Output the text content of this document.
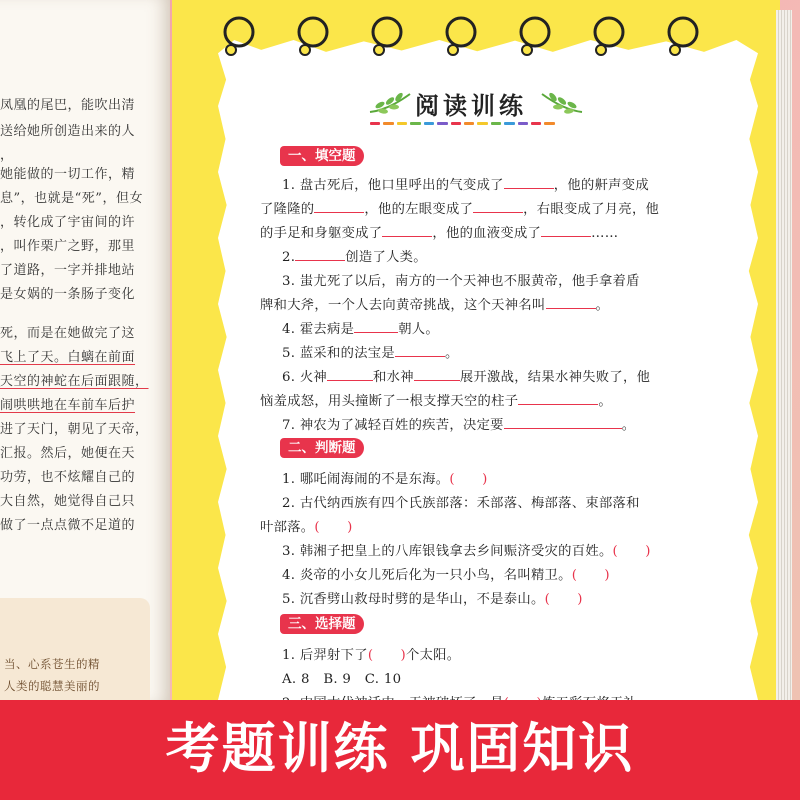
凤凰的尾巴，能吹出清
送给她所创造出来的人
，
她能做的一切工作，精
息”，也就是“死”，但女
，转化成了宇宙间的许
，叫作栗广之野，那里
了道路，一字并排地站
是女娲的一条肠子变化
死，而是在她做完了这
飞上了天。白螭在前面
天空的神蛇在后面跟随，
闹哄哄地在车前车后护
进了天门，朝见了天帝，
汇报。然后，她便在天
功劳，也不炫耀自己的
大自然，她觉得自己只
做了一点点微不足道的
当、心系苍生的精
人类的聪慧美丽的
阅读训练
一、填空题
1. 盘古死后，他口里呼出的气变成了	，他的鼾声变成
了隆隆的	，他的左眼变成了	，右眼变成了月亮，他
的手足和身躯变成了	，他的血液变成了	……
2.	创造了人类。
3. 蚩尤死了以后，南方的一个天神也不服黄帝，他手拿着盾
牌和大斧，一个人去向黄帝挑战，这个天神名叫	。
4. 霍去病是	朝人。
5. 蓝采和的法宝是	。
6. 火神	和水神	展开激战，结果水神失败了，他
恼羞成怒，用头撞断了一根支撑天空的柱子	。
7. 神农为了减轻百姓的疾苦，决定要	。
二、判断题
1. 哪吒闹海闹的不是东海。(　　)
2. 古代纳西族有四个氏族部落：禾部落、梅部落、束部落和
叶部落。(　　)
3. 韩湘子把皇上的八库银钱拿去乡间赈济受灾的百姓。(　　)
4. 炎帝的小女儿死后化为一只小鸟，名叫精卫。(　　)
5. 沉香劈山救母时劈的是华山，不是泰山。(　　)
三、选择题
1. 后羿射下了(　　)个太阳。
A. 8　B. 9　C. 10
考题训练 巩固知识
